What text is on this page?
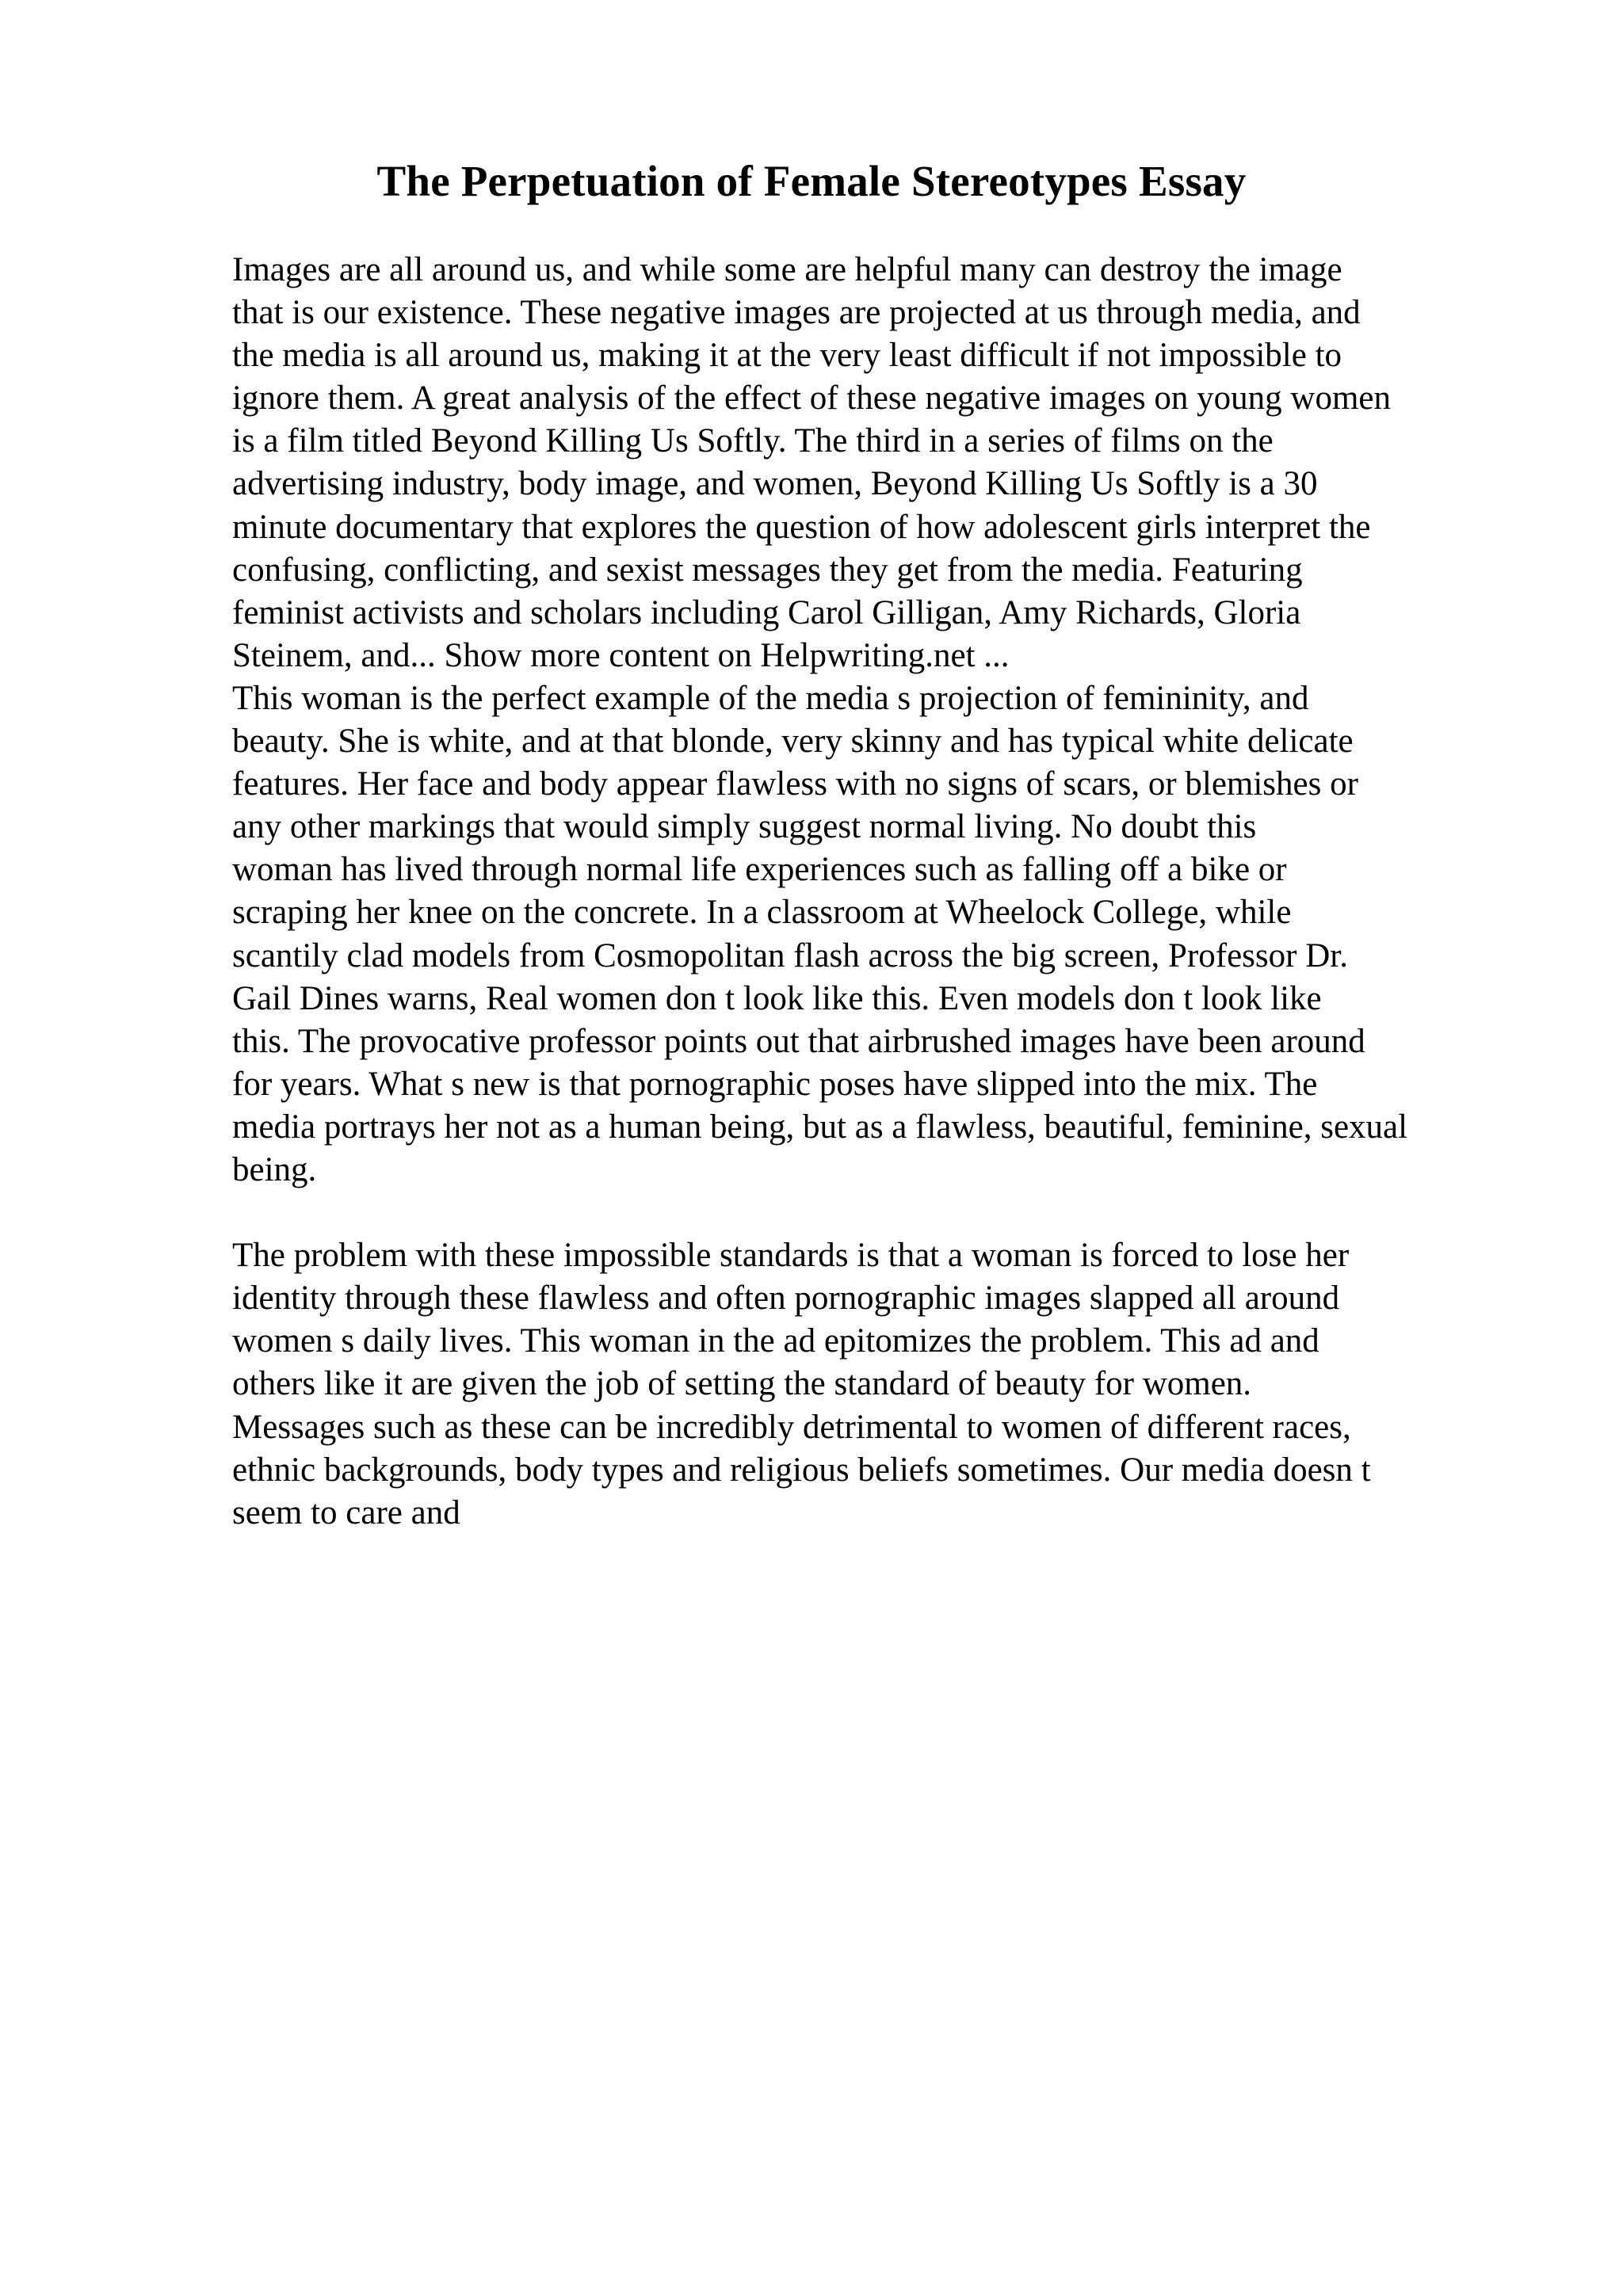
The Perpetuation of Female Stereotypes Essay
Images are all around us, and while some are helpful many can destroy the image
that is our existence. These negative images are projected at us through media, and
the media is all around us, making it at the very least difficult if not impossible to
ignore them. A great analysis of the effect of these negative images on young women
is a film titled Beyond Killing Us Softly. The third in a series of films on the
advertising industry, body image, and women, Beyond Killing Us Softly is a 30
minute documentary that explores the question of how adolescent girls interpret the
confusing, conflicting, and sexist messages they get from the media. Featuring
feminist activists and scholars including Carol Gilligan, Amy Richards, Gloria
Steinem, and... Show more content on Helpwriting.net ...
This woman is the perfect example of the media s projection of femininity, and
beauty. She is white, and at that blonde, very skinny and has typical white delicate
features. Her face and body appear flawless with no signs of scars, or blemishes or
any other markings that would simply suggest normal living. No doubt this
woman has lived through normal life experiences such as falling off a bike or
scraping her knee on the concrete. In a classroom at Wheelock College, while
scantily clad models from Cosmopolitan flash across the big screen, Professor Dr.
Gail Dines warns, Real women don t look like this. Even models don t look like
this. The provocative professor points out that airbrushed images have been around
for years. What s new is that pornographic poses have slipped into the mix. The
media portrays her not as a human being, but as a flawless, beautiful, feminine, sexual
being.
The problem with these impossible standards is that a woman is forced to lose her
identity through these flawless and often pornographic images slapped all around
women s daily lives. This woman in the ad epitomizes the problem. This ad and
others like it are given the job of setting the standard of beauty for women.
Messages such as these can be incredibly detrimental to women of different races,
ethnic backgrounds, body types and religious beliefs sometimes. Our media doesn t
seem to care and
